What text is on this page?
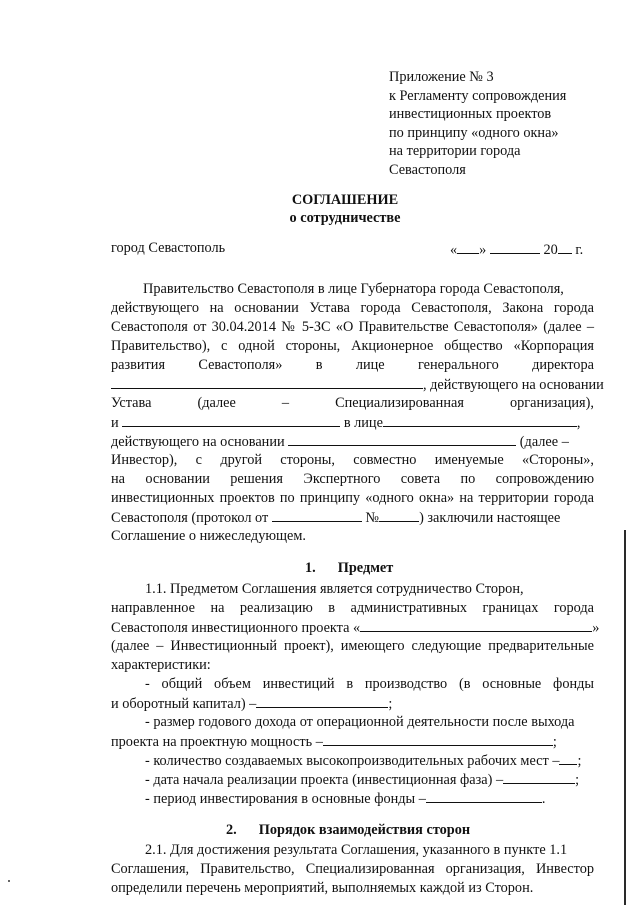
Приложение № 3
к Регламенту сопровождения
инвестиционных проектов
по принципу «одного окна»
на территории города
Севастополя
СОГЛАШЕНИЕ
о сотрудничестве
город Севастополь	« »	20 г.
Правительство Севастополя в лице Губернатора города Севастополя,
действующего на основании Устава города Севастополя, Закона города
Севастополя от 30.04.2014 № 5-ЗС «О Правительстве Севастополя» (далее –
Правительство), с одной стороны, Акционерное общество «Корпорация
развития Севастополя» в лице генерального директора
, действующего на основании
Устава	(далее	–	Специализированная	организация),
и	в лице	,
действующего на основании	(далее –
Инвестор), с другой стороны, совместно именуемые «Стороны»,
на основании решения Экспертного совета по сопровождению
инвестиционных проектов по принципу «одного окна» на территории города
Севастополя (протокол от	№	) заключили настоящее
Соглашение о нижеследующем.
1. Предмет
1.1. Предметом Соглашения является сотрудничество Сторон,
направленное на реализацию в административных границах города
Севастополя инвестиционного проекта «	»
(далее – Инвестиционный проект), имеющего следующие предварительные
характеристики:
- общий объем инвестиций в производство (в основные фонды
и оборотный капитал) –	;
- размер годового дохода от операционной деятельности после выхода
проекта на проектную мощность –	;
- количество создаваемых высокопроизводительных рабочих мест – ;
- дата начала реализации проекта (инвестиционная фаза) –	;
- период инвестирования в основные фонды –	.
2. Порядок взаимодействия сторон
2.1. Для достижения результата Соглашения, указанного в пункте 1.1
Соглашения, Правительство, Специализированная организация, Инвестор
определили перечень мероприятий, выполняемых каждой из Сторон.
